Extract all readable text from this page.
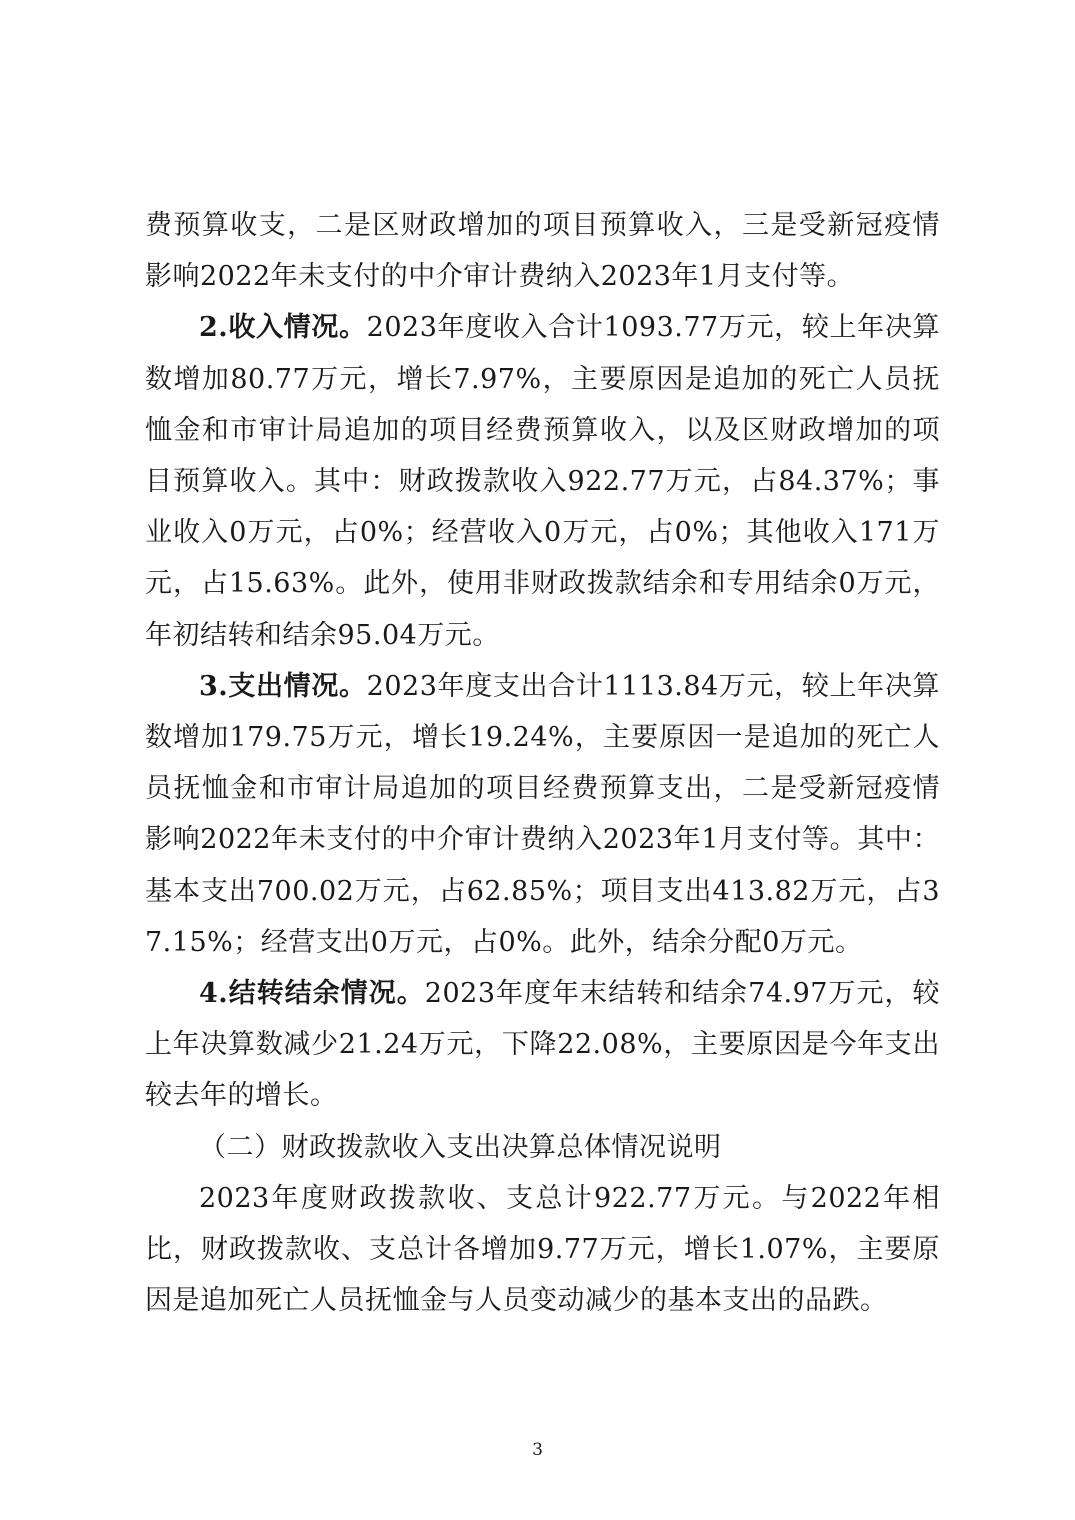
费预算收支，二是区财政增加的项目预算收入，三是受新冠疫情影响2022年未支付的中介审计费纳入2023年1月支付等。

2.收入情况。2023年度收入合计1093.77万元，较上年决算数增加80.77万元，增长7.97%，主要原因是追加的死亡人员抚恤金和市审计局追加的项目经费预算收入，以及区财政增加的项目预算收入。其中：财政拨款收入922.77万元，占84.37%；事业收入0万元，占0%；经营收入0万元，占0%；其他收入171万元，占15.63%。此外，使用非财政拨款结余和专用结余0万元，年初结转和结余95.04万元。

3.支出情况。2023年度支出合计1113.84万元，较上年决算数增加179.75万元，增长19.24%，主要原因一是追加的死亡人员抚恤金和市审计局追加的项目经费预算支出，二是受新冠疫情影响2022年未支付的中介审计费纳入2023年1月支付等。其中：基本支出700.02万元，占62.85%；项目支出413.82万元，占37.15%；经营支出0万元，占0%。此外，结余分配0万元。

4.结转结余情况。2023年度年末结转和结余74.97万元，较上年决算数减少21.24万元，下降22.08%，主要原因是今年支出较去年的增长。

（二）财政拨款收入支出决算总体情况说明

2023年度财政拨款收、支总计922.77万元。与2022年相比，财政拨款收、支总计各增加9.77万元，增长1.07%，主要原因是追加死亡人员抚恤金与人员变动减少的基本支出的品跌。

3
